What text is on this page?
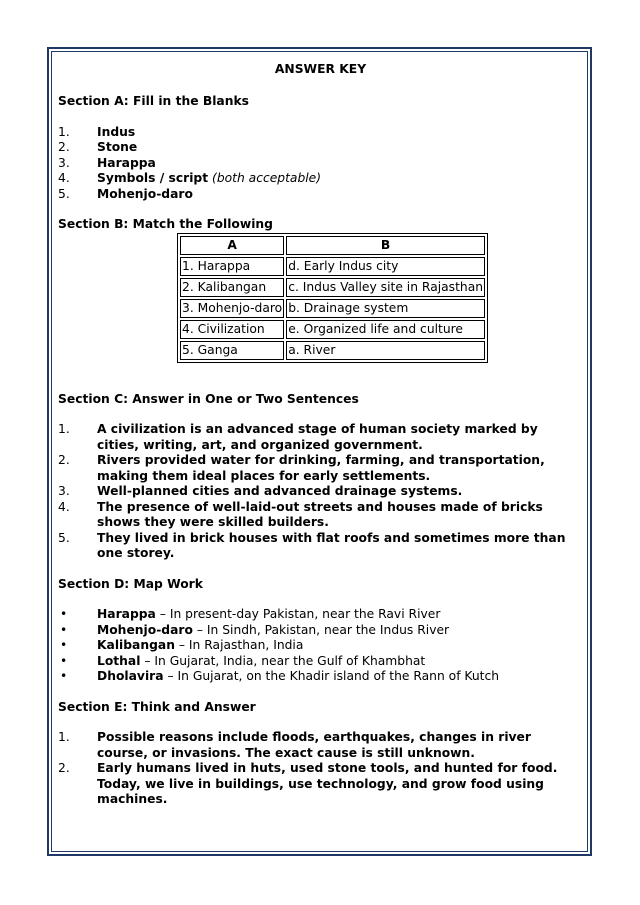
ANSWER KEY
Section A: Fill in the Blanks
1. Indus
2. Stone
3. Harappa
4. Symbols / script (both acceptable)
5. Mohenjo-daro
Section B: Match the Following
A	B
1. Harappa	d. Early Indus city
2. Kalibangan	c. Indus Valley site in Rajasthan
3. Mohenjo-daro	b. Drainage system
4. Civilization	e. Organized life and culture
5. Ganga	a. River
Section C: Answer in One or Two Sentences
1. A civilization is an advanced stage of human society marked by cities, writing, art, and organized government.
2. Rivers provided water for drinking, farming, and transportation, making them ideal places for early settlements.
3. Well-planned cities and advanced drainage systems.
4. The presence of well-laid-out streets and houses made of bricks shows they were skilled builders.
5. They lived in brick houses with flat roofs and sometimes more than one storey.
Section D: Map Work
• Harappa – In present-day Pakistan, near the Ravi River
• Mohenjo-daro – In Sindh, Pakistan, near the Indus River
• Kalibangan – In Rajasthan, India
• Lothal – In Gujarat, India, near the Gulf of Khambhat
• Dholavira – In Gujarat, on the Khadir island of the Rann of Kutch
Section E: Think and Answer
1. Possible reasons include floods, earthquakes, changes in river course, or invasions. The exact cause is still unknown.
2. Early humans lived in huts, used stone tools, and hunted for food. Today, we live in buildings, use technology, and grow food using machines.
